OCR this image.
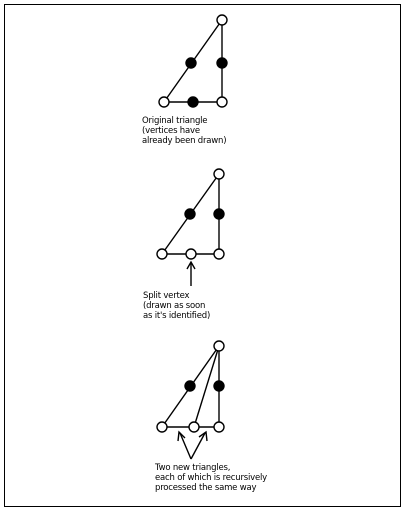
Original triangle
(vertices have
already been drawn)
Split vertex
(drawn as soon
as it's identified)
Two new triangles,
each of which is recursively
processed the same way
